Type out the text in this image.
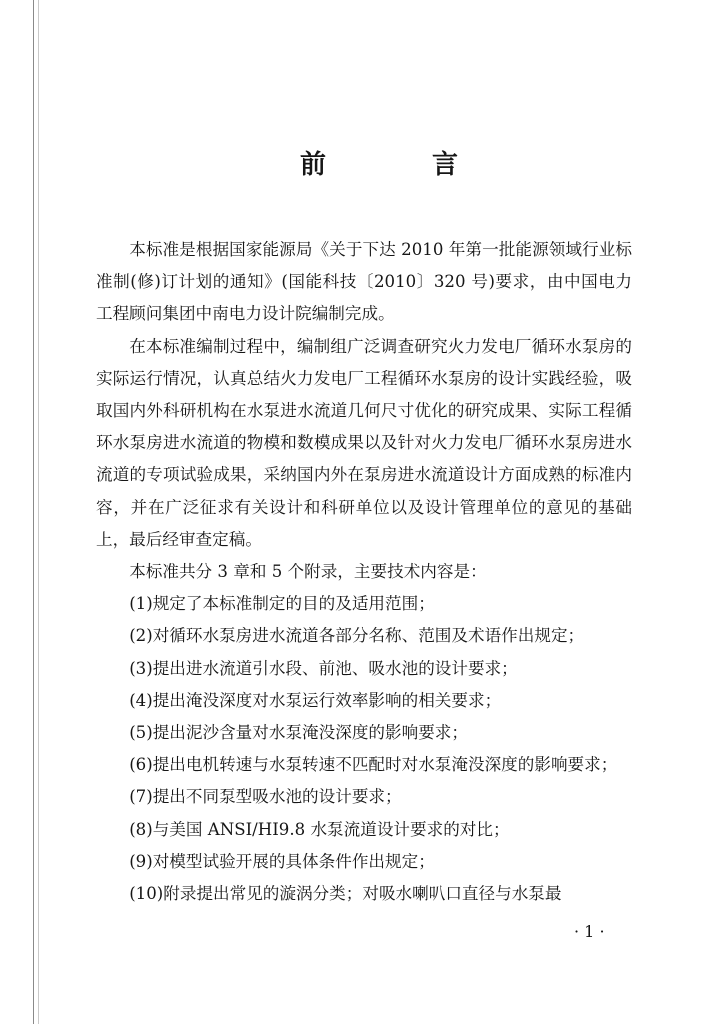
前　言

本标准是根据国家能源局《关于下达 2010 年第一批能源领域行业标准制(修)订计划的通知》(国能科技〔2010〕320 号)要求，由中国电力工程顾问集团中南电力设计院编制完成。

在本标准编制过程中，编制组广泛调查研究火力发电厂循环水泵房的实际运行情况，认真总结火力发电厂工程循环水泵房的设计实践经验，吸取国内外科研机构在水泵进水流道几何尺寸优化的研究成果、实际工程循环水泵房进水流道的物模和数模成果以及针对火力发电厂循环水泵房进水流道的专项试验成果，采纳国内外在泵房进水流道设计方面成熟的标准内容，并在广泛征求有关设计和科研单位以及设计管理单位的意见的基础上，最后经审查定稿。

本标准共分 3 章和 5 个附录，主要技术内容是：

(1)规定了本标准制定的目的及适用范围；

(2)对循环水泵房进水流道各部分名称、范围及术语作出规定；

(3)提出进水流道引水段、前池、吸水池的设计要求；

(4)提出淹没深度对水泵运行效率影响的相关要求；

(5)提出泥沙含量对水泵淹没深度的影响要求；

(6)提出电机转速与水泵转速不匹配时对水泵淹没深度的影响要求；

(7)提出不同泵型吸水池的设计要求；

(8)与美国 ANSI/HI9.8 水泵流道设计要求的对比；

(9)对模型试验开展的具体条件作出规定；

(10)附录提出常见的漩涡分类；对吸水喇叭口直径与水泵最

· 1 ·
